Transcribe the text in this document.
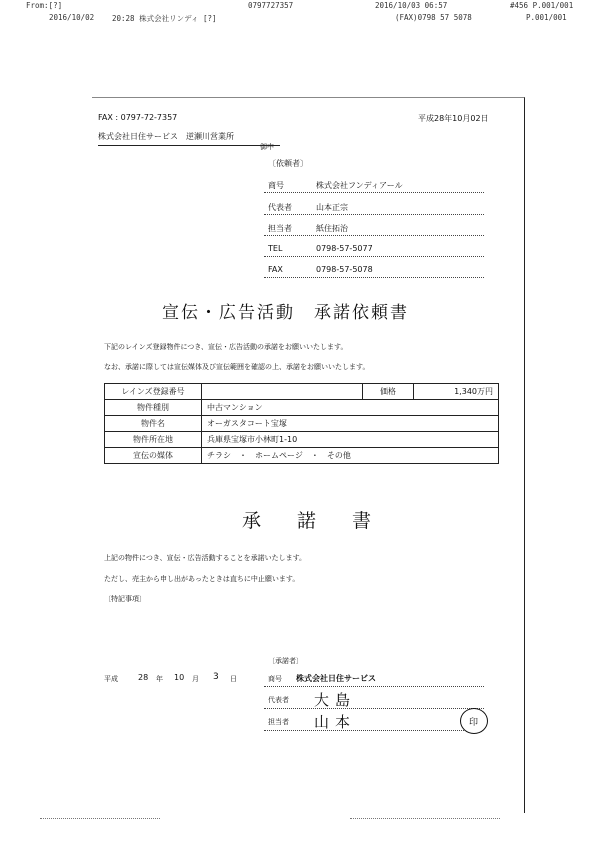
From:[?]	0797727357	2016/10/03 06:57	#456 P.001/001
2016/10/02 20:28 株式会社リンディ [?]	(FAX)0798 57 5078	P.001/001
FAX : 0797-72-7357	平成28年10月02日
株式会社日住サービス　逆瀬川営業所
御中
〔依頼者〕
商号	株式会社フンディアール
代表者	山本正宗
担当者	紙住拓治
TEL	0798-57-5077
FAX	0798-57-5078
宣伝・広告活動　承諾依頼書
下記のレインズ登録物件につき、宣伝・広告活動の承諾をお願いいたします。
なお、承諾に際しては宣伝媒体及び宣伝範囲を確認の上、承諾をお願いいたします。
レインズ登録番号		価格	1,340万円
物件種別	中古マンション		
物件名	オーガスタコート宝塚		
物件所在地	兵庫県宝塚市小林町1-10		
宣伝の媒体	チラシ　・　ホームページ　・　その他		
承諾書
上記の物件につき、宣伝・広告活動することを承諾いたします。
ただし、売主から申し出があったときは直ちに中止願います。
〔特記事項〕
〔承諾者〕
平成	28 年 10 月 3 日	商号 株式会社日住サービス
代表者 大島
担当者 山本	印
